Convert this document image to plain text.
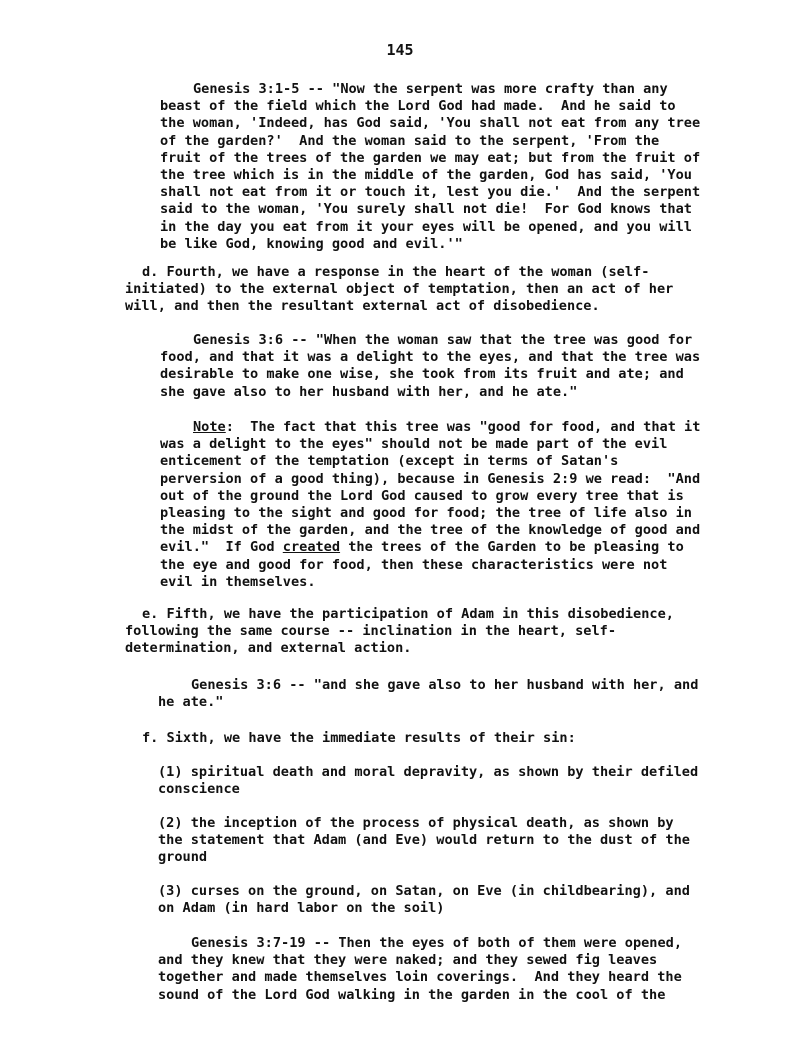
145
Genesis 3:1-5 -- "Now the serpent was more crafty than any
beast of the field which the Lord God had made.  And he said to
the woman, 'Indeed, has God said, 'You shall not eat from any tree
of the garden?'  And the woman said to the serpent, 'From the
fruit of the trees of the garden we may eat; but from the fruit of
the tree which is in the middle of the garden, God has said, 'You
shall not eat from it or touch it, lest you die.'  And the serpent
said to the woman, 'You surely shall not die!  For God knows that
in the day you eat from it your eyes will be opened, and you will
be like God, knowing good and evil.'"
d. Fourth, we have a response in the heart of the woman (self-
initiated) to the external object of temptation, then an act of her
will, and then the resultant external act of disobedience.
Genesis 3:6 -- "When the woman saw that the tree was good for
food, and that it was a delight to the eyes, and that the tree was
desirable to make one wise, she took from its fruit and ate; and
she gave also to her husband with her, and he ate."
Note:  The fact that this tree was "good for food, and that it
was a delight to the eyes" should not be made part of the evil
enticement of the temptation (except in terms of Satan's
perversion of a good thing), because in Genesis 2:9 we read:  "And
out of the ground the Lord God caused to grow every tree that is
pleasing to the sight and good for food; the tree of life also in
the midst of the garden, and the tree of the knowledge of good and
evil."  If God created the trees of the Garden to be pleasing to
the eye and good for food, then these characteristics were not
evil in themselves.
e. Fifth, we have the participation of Adam in this disobedience,
following the same course -- inclination in the heart, self-
determination, and external action.
Genesis 3:6 -- "and she gave also to her husband with her, and
he ate."
f. Sixth, we have the immediate results of their sin:
(1) spiritual death and moral depravity, as shown by their defiled
conscience
(2) the inception of the process of physical death, as shown by
the statement that Adam (and Eve) would return to the dust of the
ground
(3) curses on the ground, on Satan, on Eve (in childbearing), and
on Adam (in hard labor on the soil)
Genesis 3:7-19 -- Then the eyes of both of them were opened,
and they knew that they were naked; and they sewed fig leaves
together and made themselves loin coverings.  And they heard the
sound of the Lord God walking in the garden in the cool of the
